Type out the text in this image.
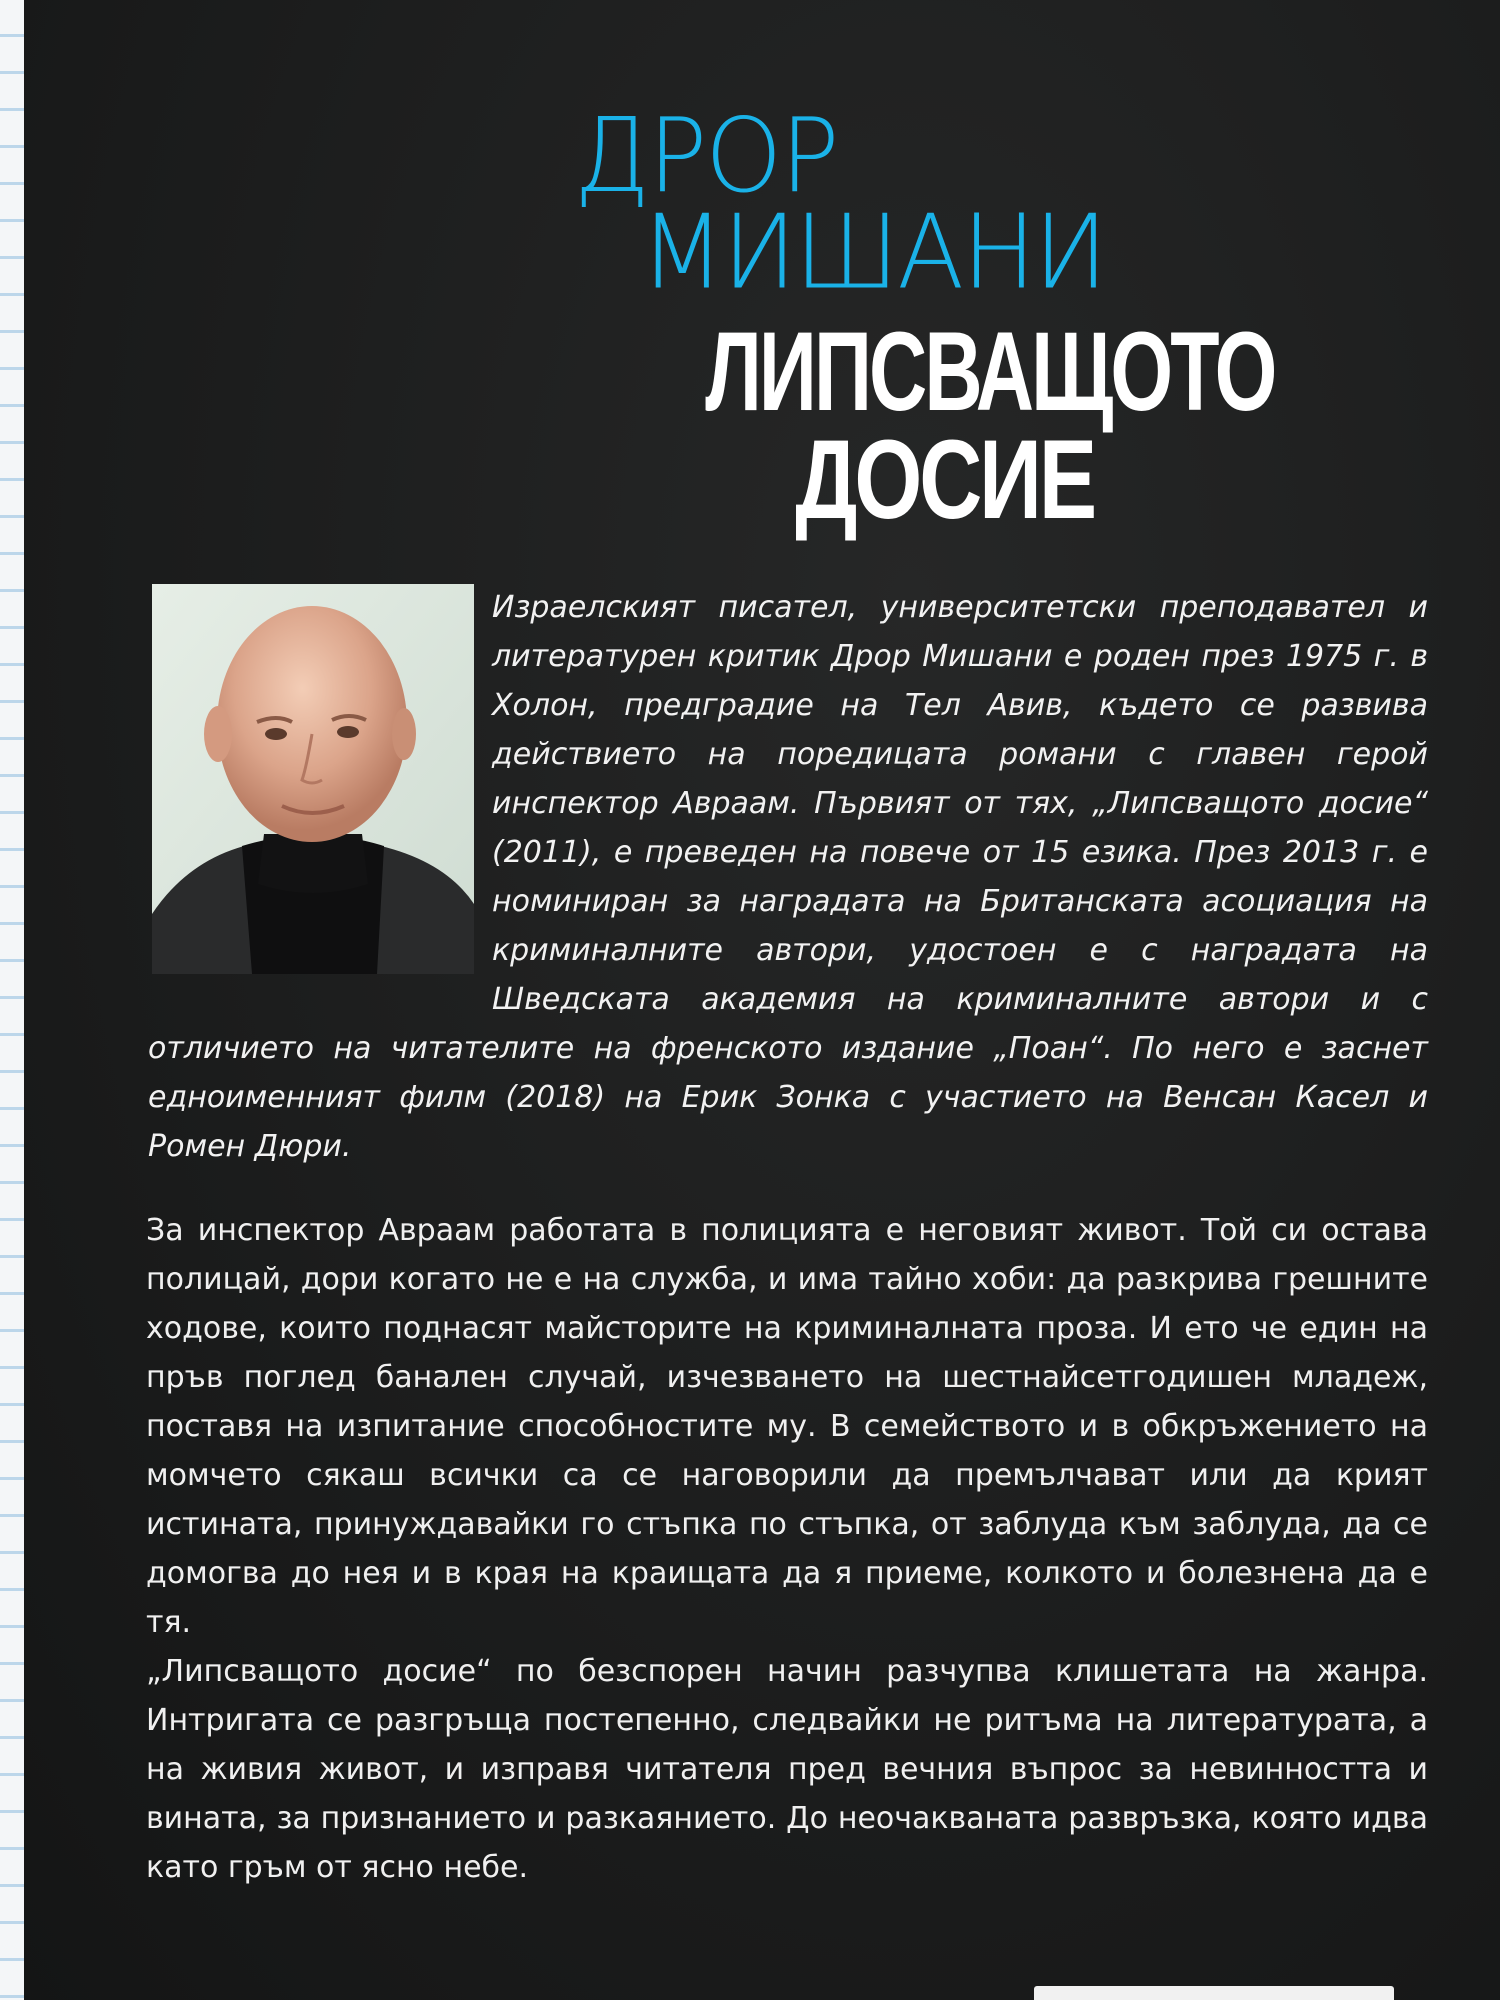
ДРОР
МИШАНИ
ЛИПСВАЩОТО
ДОСИЕ
Израелският писател, университетски преподавател и литературен критик Дрор Мишани е роден през 1975 г. в Холон, предградие на Тел Авив, където се развива действието на поредицата романи с главен герой инспектор Авраам. Първият от тях, „Липсващото досие“ (2011), е преведен на повече от 15 езика. През 2013 г. е номиниран за наградата на Британската асоциация на криминалните автори, удостоен е с наградата на Шведската академия на криминалните автори и с отличието на читателите на френското издание „Поан“. По него е заснет едноименният филм (2018) на Ерик Зонка с участието на Венсан Касел и Ромен Дюри.

За инспектор Авраам работата в полицията е неговият живот. Той си остава полицай, дори когато не е на служба, и има тайно хоби: да разкрива грешните ходове, които поднасят майсторите на криминалната проза. И ето че един на пръв поглед банален случай, изчезването на шестнайсетгодишен младеж, поставя на изпитание способностите му. В семейството и в обкръжението на момчето сякаш всички са се наговорили да премълчават или да крият истината, принуждавайки го стъпка по стъпка, от заблуда към заблуда, да се домогва до нея и в края на краищата да я приеме, колкото и болезнена да е тя.

„Липсващото досие“ по безспорен начин разчупва клишетата на жанра. Интригата се разгръща постепенно, следвайки не ритъма на литературата, а на живия живот, и изправя читателя пред вечния въпрос за невинността и вината, за признанието и разкаянието. До неочакваната развръзка, която идва като гръм от ясно небе.
